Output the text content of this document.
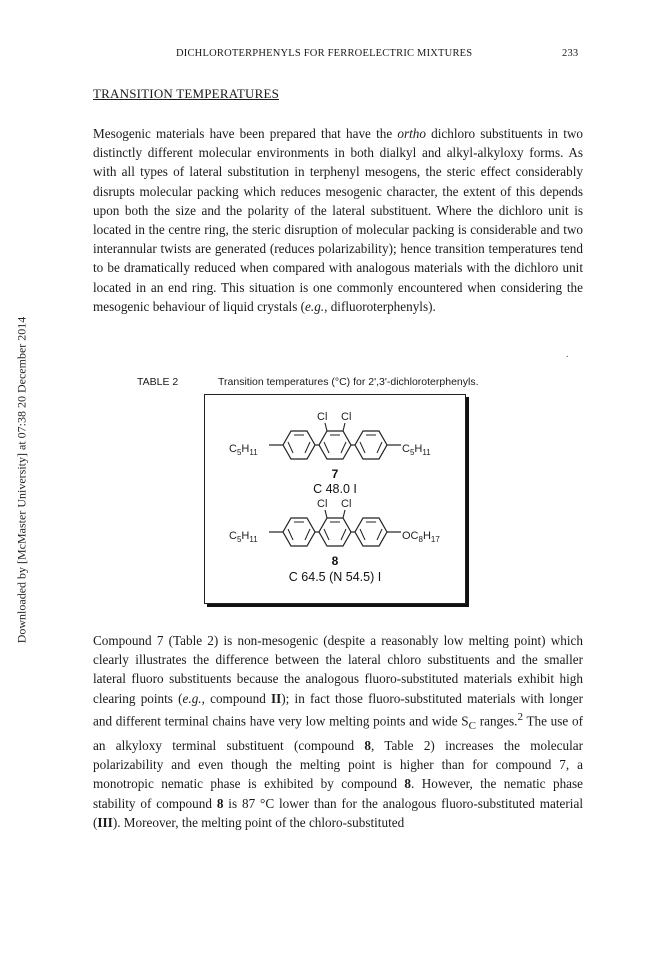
DICHLOROTERPHENYLS FOR FERROELECTRIC MIXTURES	233
Downloaded by [McMaster University] at 07:38 20 December 2014
TRANSITION TEMPERATURES

Mesogenic materials have been prepared that have the ortho dichloro substituents in two distinctly different molecular environments in both dialkyl and alkyl-alkyloxy forms. As with all types of lateral substitution in terphenyl mesogens, the steric effect considerably disrupts molecular packing which reduces mesogenic character, the extent of this depends upon both the size and the polarity of the lateral substituent. Where the dichloro unit is located in the centre ring, the steric disruption of molecular packing is considerable and two interannular twists are generated (reduces polarizability); hence transition temperatures tend to be dramatically reduced when compared with analogous materials with the dichloro unit located in an end ring. This situation is one commonly encountered when considering the mesogenic behaviour of liquid crystals (e.g., difluoroterphenyls).

.
TABLE 2	Transition temperatures (°C) for 2',3'-dichloroterphenyls.
$C_5H_{11}$	$C_5H_{11}$
Cl Cl
7
C 48.0 I
$C_5H_{11}$	$OC_8H_{17}$
Cl Cl
8
C 64.5 (N 54.5) I

Compound 7 (Table 2) is non-mesogenic (despite a reasonably low melting point) which clearly illustrates the difference between the lateral chloro substituents and the smaller lateral fluoro substituents because the analogous fluoro-substituted materials exhibit high clearing points (e.g., compound II); in fact those fluoro-substituted materials with longer and different terminal chains have very low melting points and wide $S_C$ ranges.$^2$ The use of an alkyloxy terminal substituent (compound 8, Table 2) increases the molecular polarizability and even though the melting point is higher than for compound 7, a monotropic nematic phase is exhibited by compound 8. However, the nematic phase stability of compound 8 is 87 °C lower than for the analogous fluoro-substituted material (III). Moreover, the melting point of the chloro-substituted
